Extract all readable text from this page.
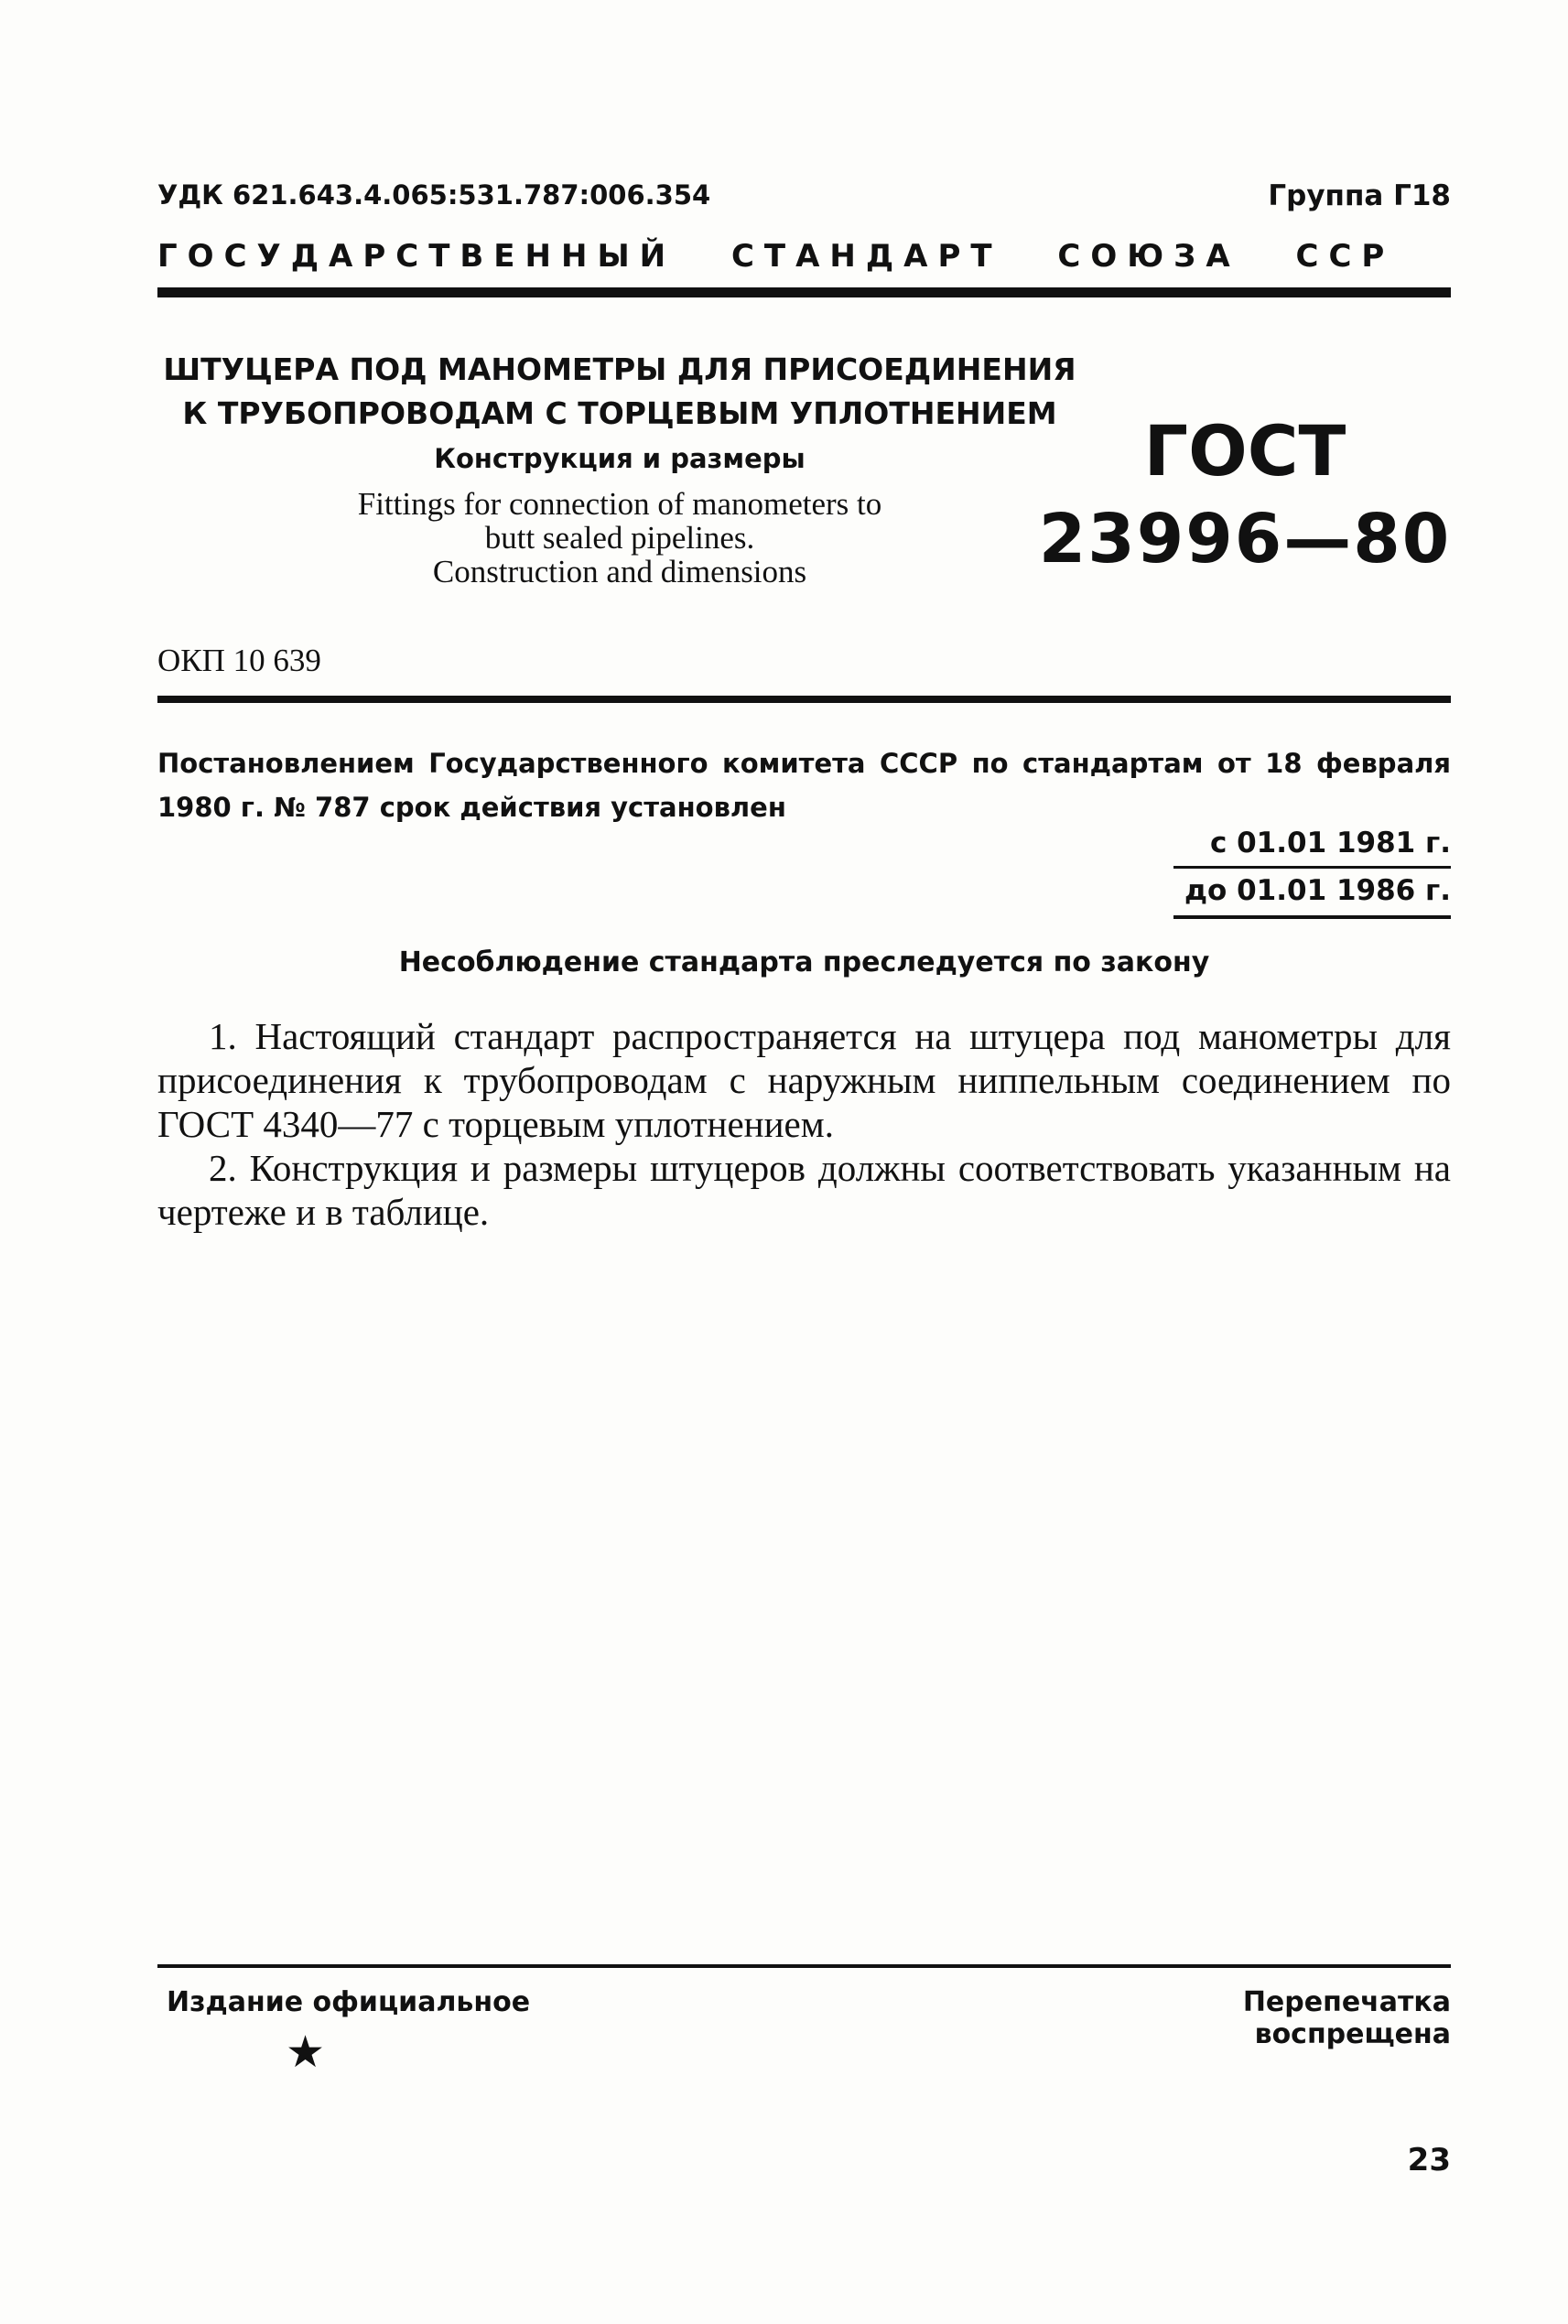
УДК 621.643.4.065:531.787:006.354	Группа Г18
ГОСУДАРСТВЕННЫЙ СТАНДАРТ СОЮЗА ССР
ШТУЦЕРА ПОД МАНОМЕТРЫ ДЛЯ ПРИСОЕДИНЕНИЯ
К ТРУБОПРОВОДАМ С ТОРЦЕВЫМ УПЛОТНЕНИЕМ
Конструкция и размеры
Fittings for connection of manometers to
butt sealed pipelines.
Construction and dimensions
ГОСТ
23996—80
ОКП 10 639
Постановлением Государственного комитета СССР по стандартам от 18 февраля 1980 г. № 787 срок действия установлен
с 01.01 1981 г.
до 01.01 1986 г.
Несоблюдение стандарта преследуется по закону

1. Настоящий стандарт распространяется на штуцера под манометры для присоединения к трубопроводам с наружным ниппельным соединением по ГОСТ 4340—77 с торцевым уплотнением.

2. Конструкция и размеры штуцеров должны соответствовать указанным на чертеже и в таблице.

Издание официальное
★
Перепечатка воспрещена
23
